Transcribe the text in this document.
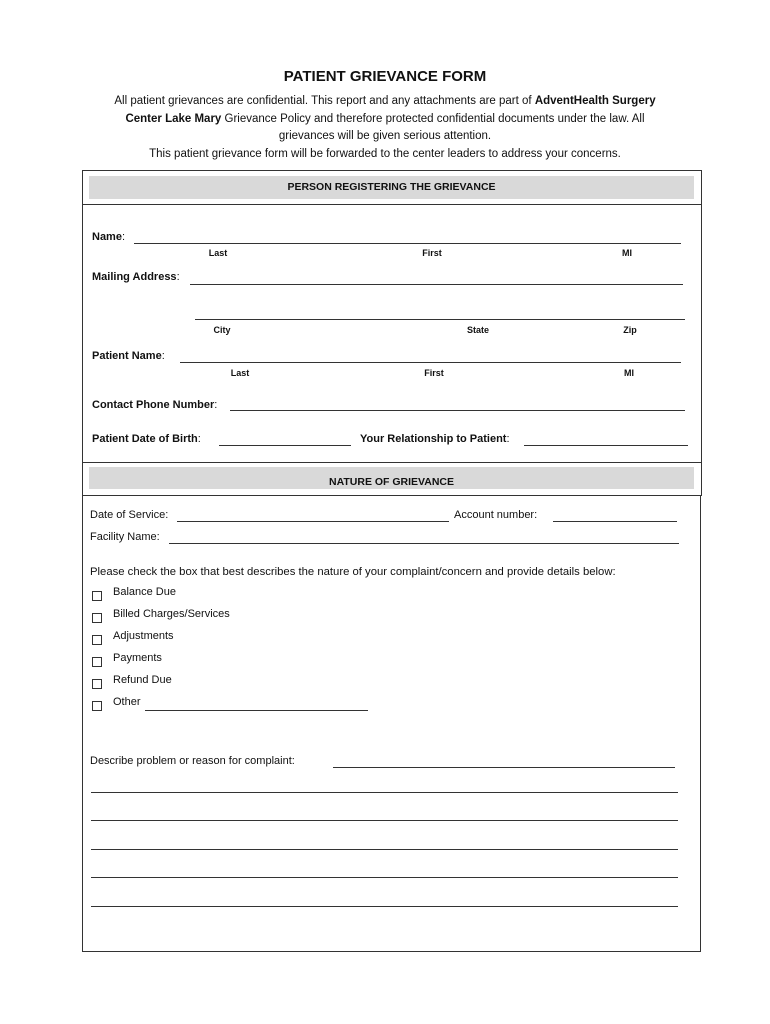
PATIENT GRIEVANCE FORM
All patient grievances are confidential. This report and any attachments are part of AdventHealth Surgery Center Lake Mary Grievance Policy and therefore protected confidential documents under the law. All grievances will be given serious attention.
This patient grievance form will be forwarded to the center leaders to address your concerns.
PERSON REGISTERING THE GRIEVANCE
Name:
Last	First	MI
Mailing Address:
City	State	Zip
Patient Name:
Last	First	MI
Contact Phone Number:
Patient Date of Birth:	Your Relationship to Patient:
NATURE OF GRIEVANCE
Date of Service:	Account number:
Facility Name:
Please check the box that best describes the nature of your complaint/concern and provide details below:
Balance Due
Billed Charges/Services
Adjustments
Payments
Refund Due
Other
Describe problem or reason for complaint:
